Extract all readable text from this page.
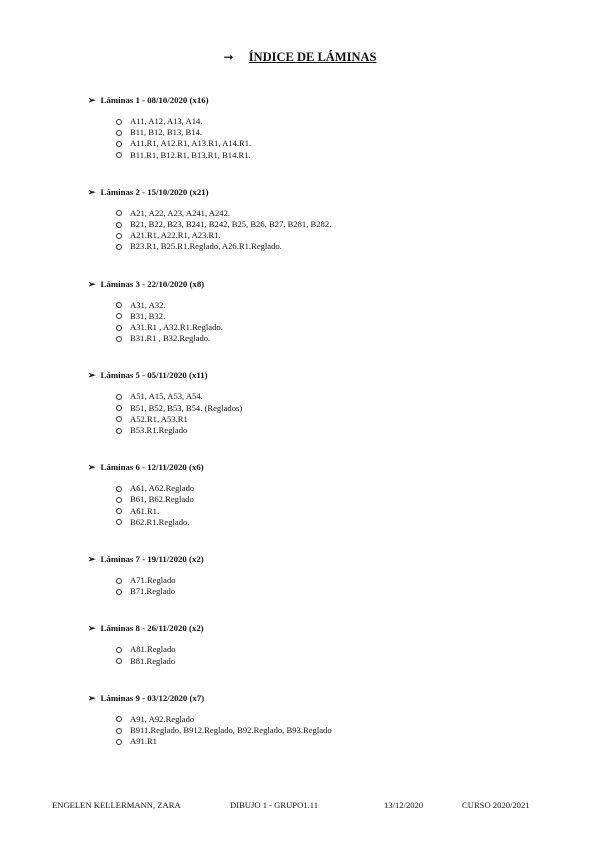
➞ ÍNDICE DE LÁMINAS
➢ Láminas 1 - 08/10/2020 (x16)
A11, A12, A13, A14.
B11, B12, B13, B14.
A11.R1, A12.R1, A13.R1, A14.R1.
B11.R1, B12.R1, B13.R1, B14.R1.
➢ Láminas 2 - 15/10/2020 (x21)
A21, A22, A23, A241, A242.
B21, B22, B23, B241, B242, B25, B26, B27, B281, B282.
A21.R1, A22.R1, A23.R1.
B23.R1, B25.R1.Reglado, A26.R1.Reglado.
➢ Láminas 3 - 22/10/2020 (x8)
A31, A32.
B31, B32.
A31.R1 , A32.R1.Reglado.
B31.R1 , B32.Reglado.
➢ Láminas 5 - 05/11/2020 (x11)
A51, A15, A53, A54.
B51, B52, B53, B54. (Reglados)
A52.R1, A53.R1
B53.R1.Reglado
➢ Láminas 6 - 12/11/2020 (x6)
A61, A62.Reglado
B61, B62.Reglado
A61.R1.
B62.R1.Reglado.
➢ Láminas 7 - 19/11/2020 (x2)
A71.Reglado
B71.Reglado
➢ Láminas 8 - 26/11/2020 (x2)
A81.Reglado
B81.Reglado
➢ Láminas 9 - 03/12/2020 (x7)
A91, A92.Reglado
B911.Reglado, B912.Reglado, B92.Reglado, B93.Reglado
A91.R1
ENGELEN KELLERMANN, ZARA	DIBUJO 1 - GRUPO1.11	13/12/2020	CURSO 2020/2021
